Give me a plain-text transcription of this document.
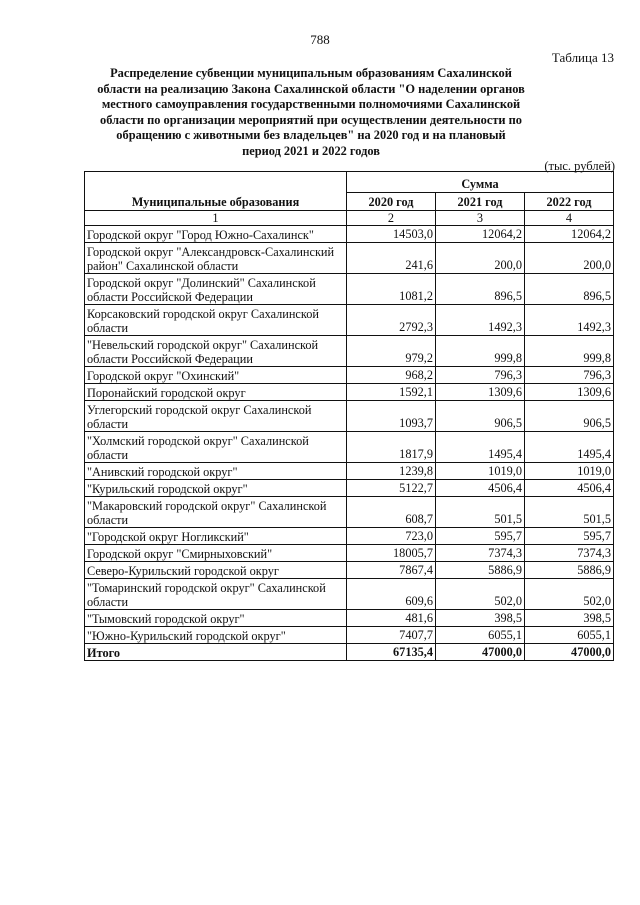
788
Таблица 13
Распределение субвенции муниципальным образованиям Сахалинской области на реализацию Закона Сахалинской области "О наделении органов местного самоуправления государственными полномочиями Сахалинской области по организации мероприятий при осуществлении деятельности по обращению с животными без владельцев" на 2020 год и на плановый период 2021 и 2022 годов
(тыс. рублей)
Муниципальные образования	Сумма		
	2020 год	2021 год	2022 год
1	2	3	4
Городской округ "Город Южно-Сахалинск"	14503,0	12064,2	12064,2
Городской округ "Александровск-Сахалинский район" Сахалинской области	241,6	200,0	200,0
Городской округ "Долинский" Сахалинской области Российской Федерации	1081,2	896,5	896,5
Корсаковский городской округ Сахалинской области	2792,3	1492,3	1492,3
"Невельский городской округ" Сахалинской области Российской Федерации	979,2	999,8	999,8
Городской округ "Охинский"	968,2	796,3	796,3
Поронайский городской округ	1592,1	1309,6	1309,6
Углегорский городской округ Сахалинской области	1093,7	906,5	906,5
"Холмский городской округ" Сахалинской области	1817,9	1495,4	1495,4
"Анивский городской округ"	1239,8	1019,0	1019,0
"Курильский городской округ"	5122,7	4506,4	4506,4
"Макаровский городской округ" Сахалинской области	608,7	501,5	501,5
"Городской округ Ногликский"	723,0	595,7	595,7
Городской округ "Смирныховский"	18005,7	7374,3	7374,3
Северо-Курильский городской округ	7867,4	5886,9	5886,9
"Томаринский городской округ" Сахалинской области	609,6	502,0	502,0
"Тымовский городской округ"	481,6	398,5	398,5
"Южно-Курильский городской округ"	7407,7	6055,1	6055,1
Итого	67135,4	47000,0	47000,0
